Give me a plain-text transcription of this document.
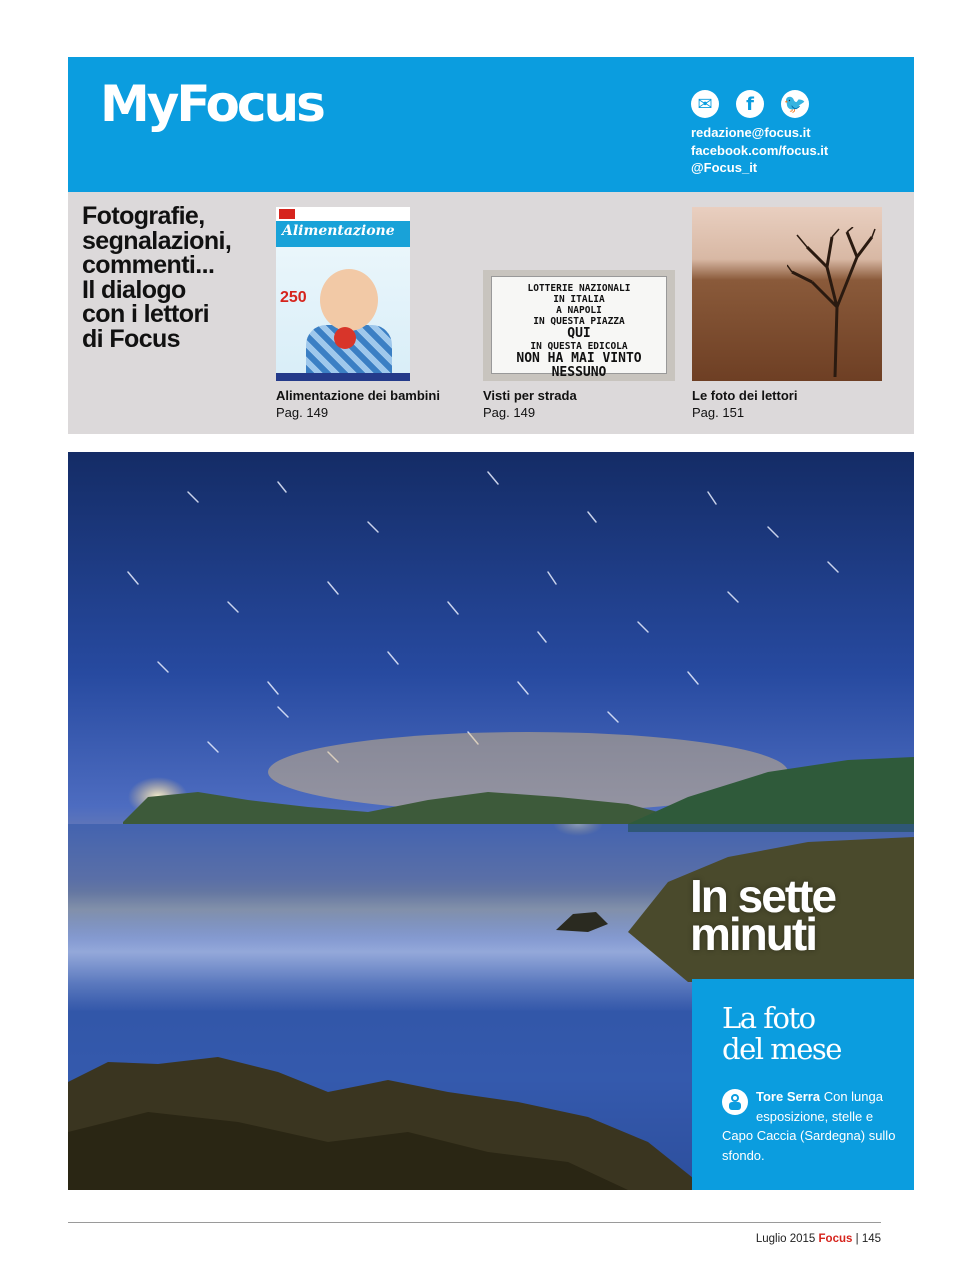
MyFocus	✉	f	🐦
redazione@focus.it
facebook.com/focus.it
@Focus_it
Fotografie,
segnalazioni,
commenti...
Il dialogo
con i lettori
di Focus
Alimentazione
250
LOTTERIE NAZIONALI
IN ITALIA
A NAPOLI
IN QUESTA PIAZZA
QUI
IN QUESTA EDICOLA
NON HA MAI VINTO NESSUNO
Alimentazione dei bambini
Pag. 149
Visti per strada
Pag. 149
Le foto dei lettori
Pag. 151
In sette
minuti
La foto
del mese
Tore Serra Con lunga esposizione, stelle e Capo Caccia (Sardegna) sullo sfondo.
Luglio 2015 Focus | 145
